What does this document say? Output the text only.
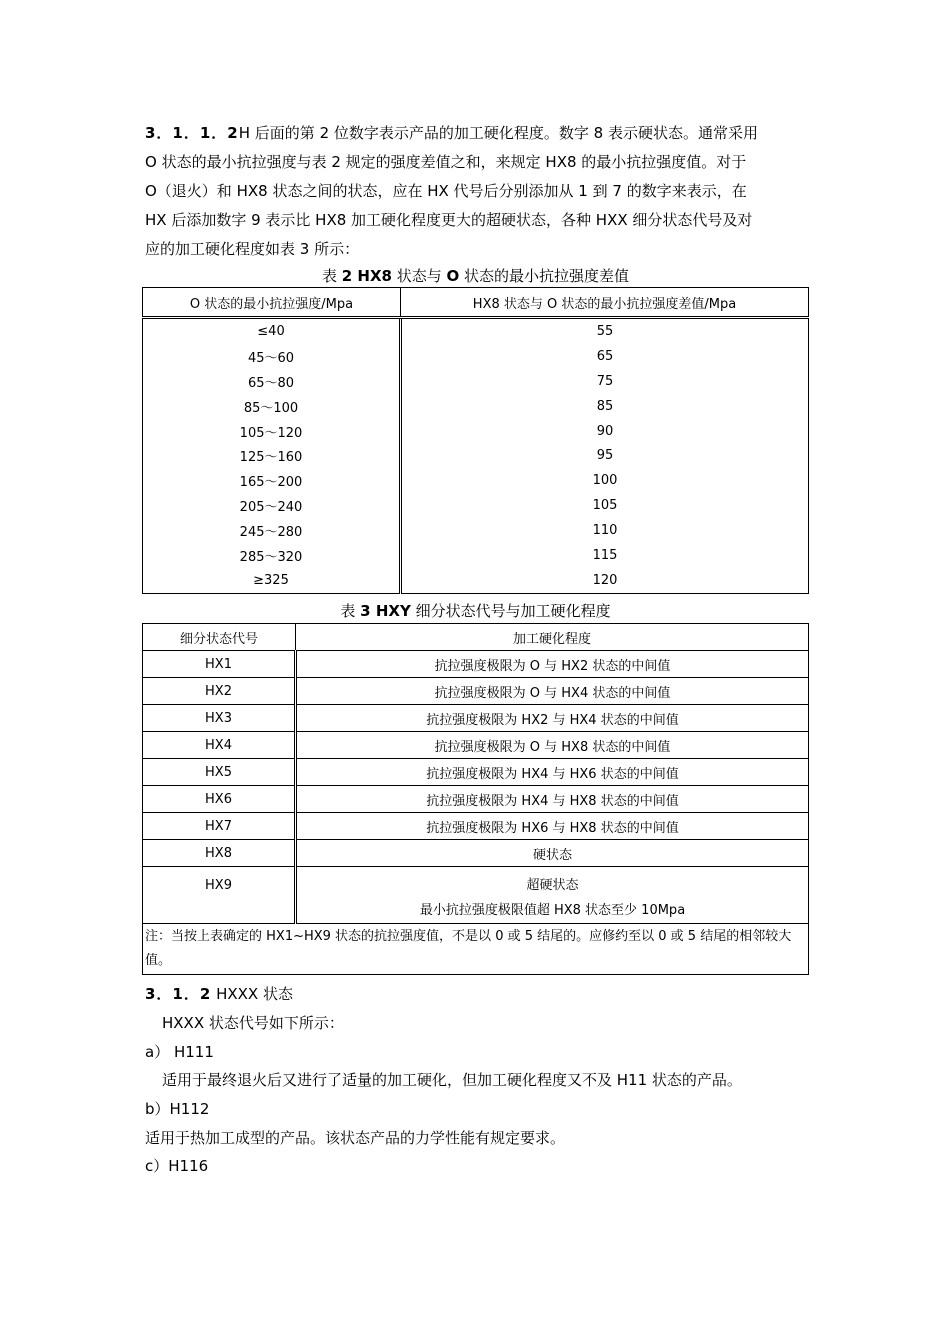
3．1．1．2H 后面的第 2 位数字表示产品的加工硬化程度。数字 8 表示硬状态。通常采用
O 状态的最小抗拉强度与表 2 规定的强度差值之和，来规定 HX8 的最小抗拉强度值。对于
O（退火）和 HX8 状态之间的状态，应在 HX 代号后分别添加从 1 到 7 的数字来表示，在
HX 后添加数字 9 表示比 HX8 加工硬化程度更大的超硬状态，各种 HXX 细分状态代号及对
应的加工硬化程度如表 3 所示：
表 2 HX8 状态与 O 状态的最小抗拉强度差值
O 状态的最小抗拉强度/Mpa	HX8 状态与 O 状态的最小抗拉强度差值/Mpa
≤40	55
45～60	65
65～80	75
85～100	85
105～120	90
125～160	95
165～200	100
205～240	105
245～280	110
285～320	115
≥325	120
表 3 HXY 细分状态代号与加工硬化程度
细分状态代号	加工硬化程度
HX1	抗拉强度极限为 O 与 HX2 状态的中间值
HX2	抗拉强度极限为 O 与 HX4 状态的中间值
HX3	抗拉强度极限为 HX2 与 HX4 状态的中间值
HX4	抗拉强度极限为 O 与 HX8 状态的中间值
HX5	抗拉强度极限为 HX4 与 HX6 状态的中间值
HX6	抗拉强度极限为 HX4 与 HX8 状态的中间值
HX7	抗拉强度极限为 HX6 与 HX8 状态的中间值
HX8	硬状态
HX9	超硬状态
最小抗拉强度极限值超 HX8 状态至少 10Mpa

注：当按上表确定的 HX1~HX9 状态的抗拉强度值，不是以 0 或 5 结尾的。应修约至以 0 或 5 结尾的相邻较大值。	
3．1．2 HXXX 状态
HXXX 状态代号如下所示：
a） H111
适用于最终退火后又进行了适量的加工硬化，但加工硬化程度又不及 H11 状态的产品。
b）H112
适用于热加工成型的产品。该状态产品的力学性能有规定要求。
c）H116
